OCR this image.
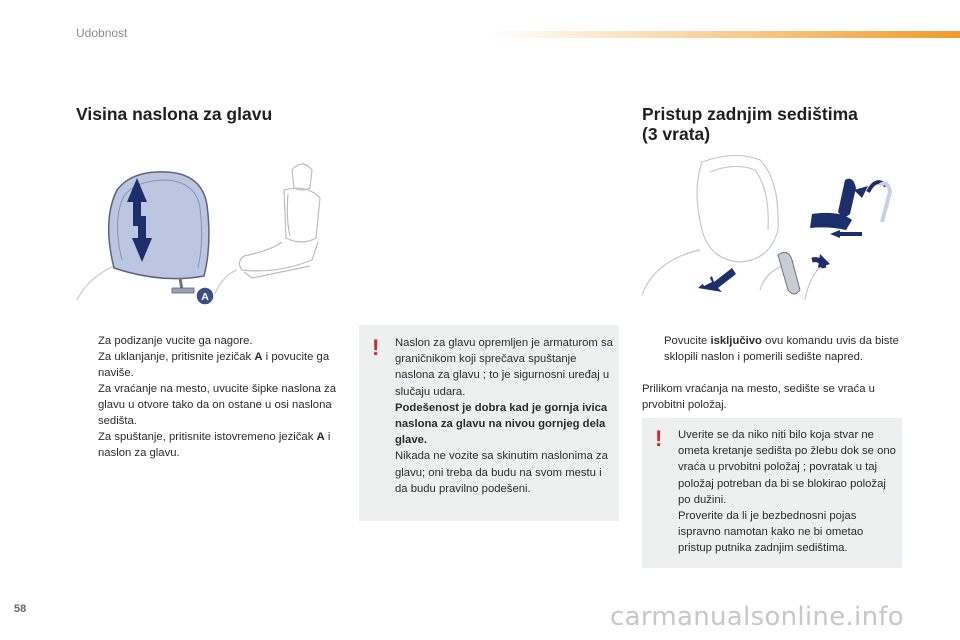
Udobnost
Visina naslona za glavu	Pristup zadnjim sedištima
(3 vrata)
A
Za podizanje vucite ga nagore.
Za uklanjanje, pritisnite jezičak A i povucite ga naviše.
Za vraćanje na mesto, uvucite šipke naslona za glavu u otvore tako da on ostane u osi naslona sedišta.
Za spuštanje, pritisnite istovremeno jezičak A i naslon za glavu.
! Naslon za glavu opremljen je armaturom sa graničnikom koji sprečava spuštanje naslona za glavu ; to je sigurnosni uređaj u slučaju udara.

Podešenost je dobra kad je gornja ivica naslona za glavu na nivou gornjeg dela glave.

Nikada ne vozite sa skinutim naslonima za glavu; oni treba da budu na svom mestu i da budu pravilno podešeni.

Povucite isključivo ovu komandu uvis da biste sklopili naslon i pomerili sedište napred.
Prilikom vraćanja na mesto, sedište se vraća u prvobitni položaj.
! Uverite se da niko niti bilo koja stvar ne ometa kretanje sedišta po žlebu dok se ono vraća u prvobitni položaj ; povratak u taj položaj potreban da bi se blokirao položaj po dužini.

Proverite da li je bezbednosni pojas ispravno namotan kako ne bi ometao pristup putnika zadnjim sedištima.

58	carmanualsonline.info
